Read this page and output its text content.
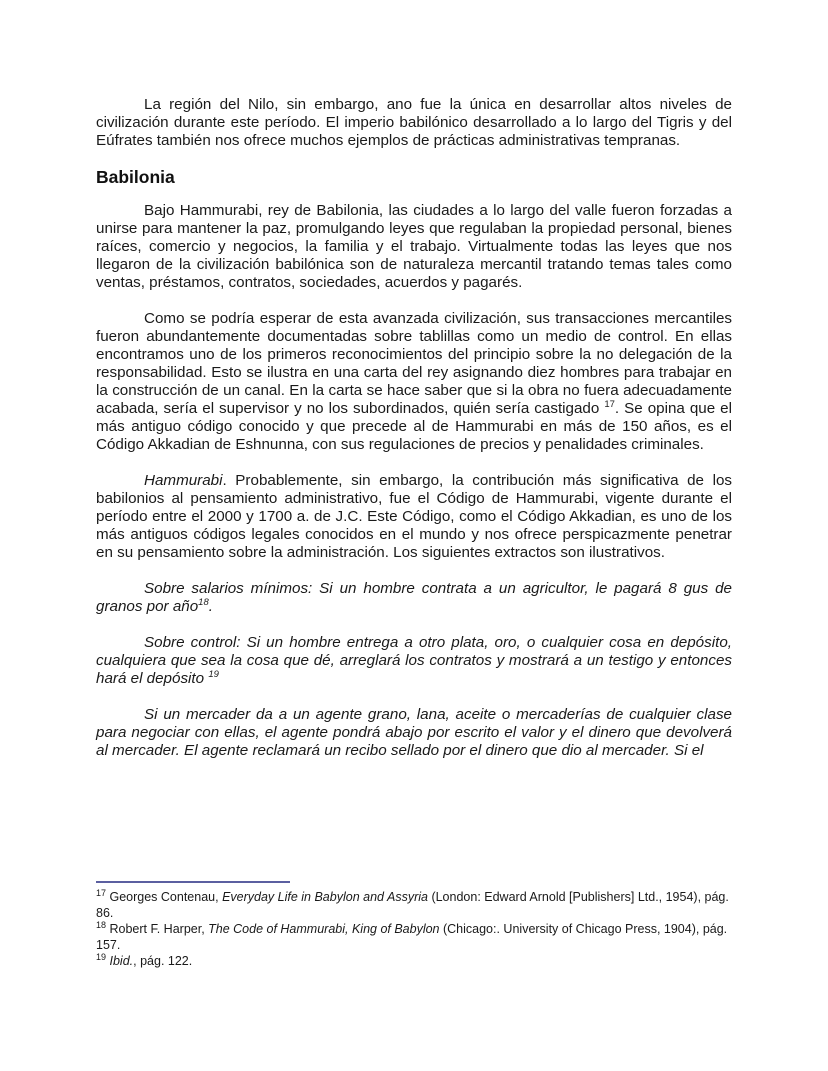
La región del Nilo, sin embargo, ano fue la única en desarrollar altos niveles de civilización durante este período. El imperio babilónico desarrollado a lo largo del Tigris y del Eúfrates también nos ofrece muchos ejemplos de prácticas administrativas tempranas.

Babilonia

Bajo Hammurabi, rey de Babilonia, las ciudades a lo largo del valle fueron forzadas a unirse para mantener la paz, promulgando leyes que regulaban la propiedad personal, bienes raíces, comercio y negocios, la familia y el trabajo. Virtualmente todas las leyes que nos llegaron de la civilización babilónica son de naturaleza mercantil tratando temas tales como ventas, préstamos, contratos, sociedades, acuerdos y pagarés.

Como se podría esperar de esta avanzada civilización, sus transacciones mercantiles fueron abundantemente documentadas sobre tablillas como un medio de control. En ellas encontramos uno de los primeros reconocimientos del principio sobre la no delegación de la responsabilidad. Esto se ilustra en una carta del rey asignando diez hombres para trabajar en la construcción de un canal. En la carta se hace saber que si la obra no fuera adecuadamente acabada, sería el supervisor y no los subordinados, quién sería castigado $^{17}$. Se opina que el más antiguo código conocido y que precede al de Hammurabi en más de 150 años, es el Código Akkadian de Eshnunna, con sus regulaciones de precios y penalidades criminales.

Hammurabi. Probablemente, sin embargo, la contribución más significativa de los babilonios al pensamiento administrativo, fue el Código de Hammurabi, vigente durante el período entre el 2000 y 1700 a. de J.C. Este Código, como el Código Akkadian, es uno de los más antiguos códigos legales conocidos en el mundo y nos ofrece perspicazmente penetrar en su pensamiento sobre la administración. Los siguientes extractos son ilustrativos.

Sobre salarios mínimos: Si un hombre contrata a un agricultor, le pagará 8 gus de granos por año$^{18}$.

Sobre control: Si un hombre entrega a otro plata, oro, o cualquier cosa en depósito, cualquiera que sea la cosa que dé, arreglará los contratos y mostrará a un testigo y entonces hará el depósito $^{19}$

Si un mercader da a un agente grano, lana, aceite o mercaderías de cualquier clase para negociar con ellas, el agente pondrá abajo por escrito el valor y el dinero que devolverá al mercader. El agente reclamará un recibo sellado por el dinero que dio al mercader. Si el

$^{17}$ Georges Contenau, Everyday Life in Babylon and Assyria (London: Edward Arnold [Publishers] Ltd., 1954), pág. 86.

$^{18}$ Robert F. Harper, The Code of Hammurabi, King of Babylon (Chicago:. University of Chicago Press, 1904), pág. 157.

$^{19}$ Ibid., pág. 122.
